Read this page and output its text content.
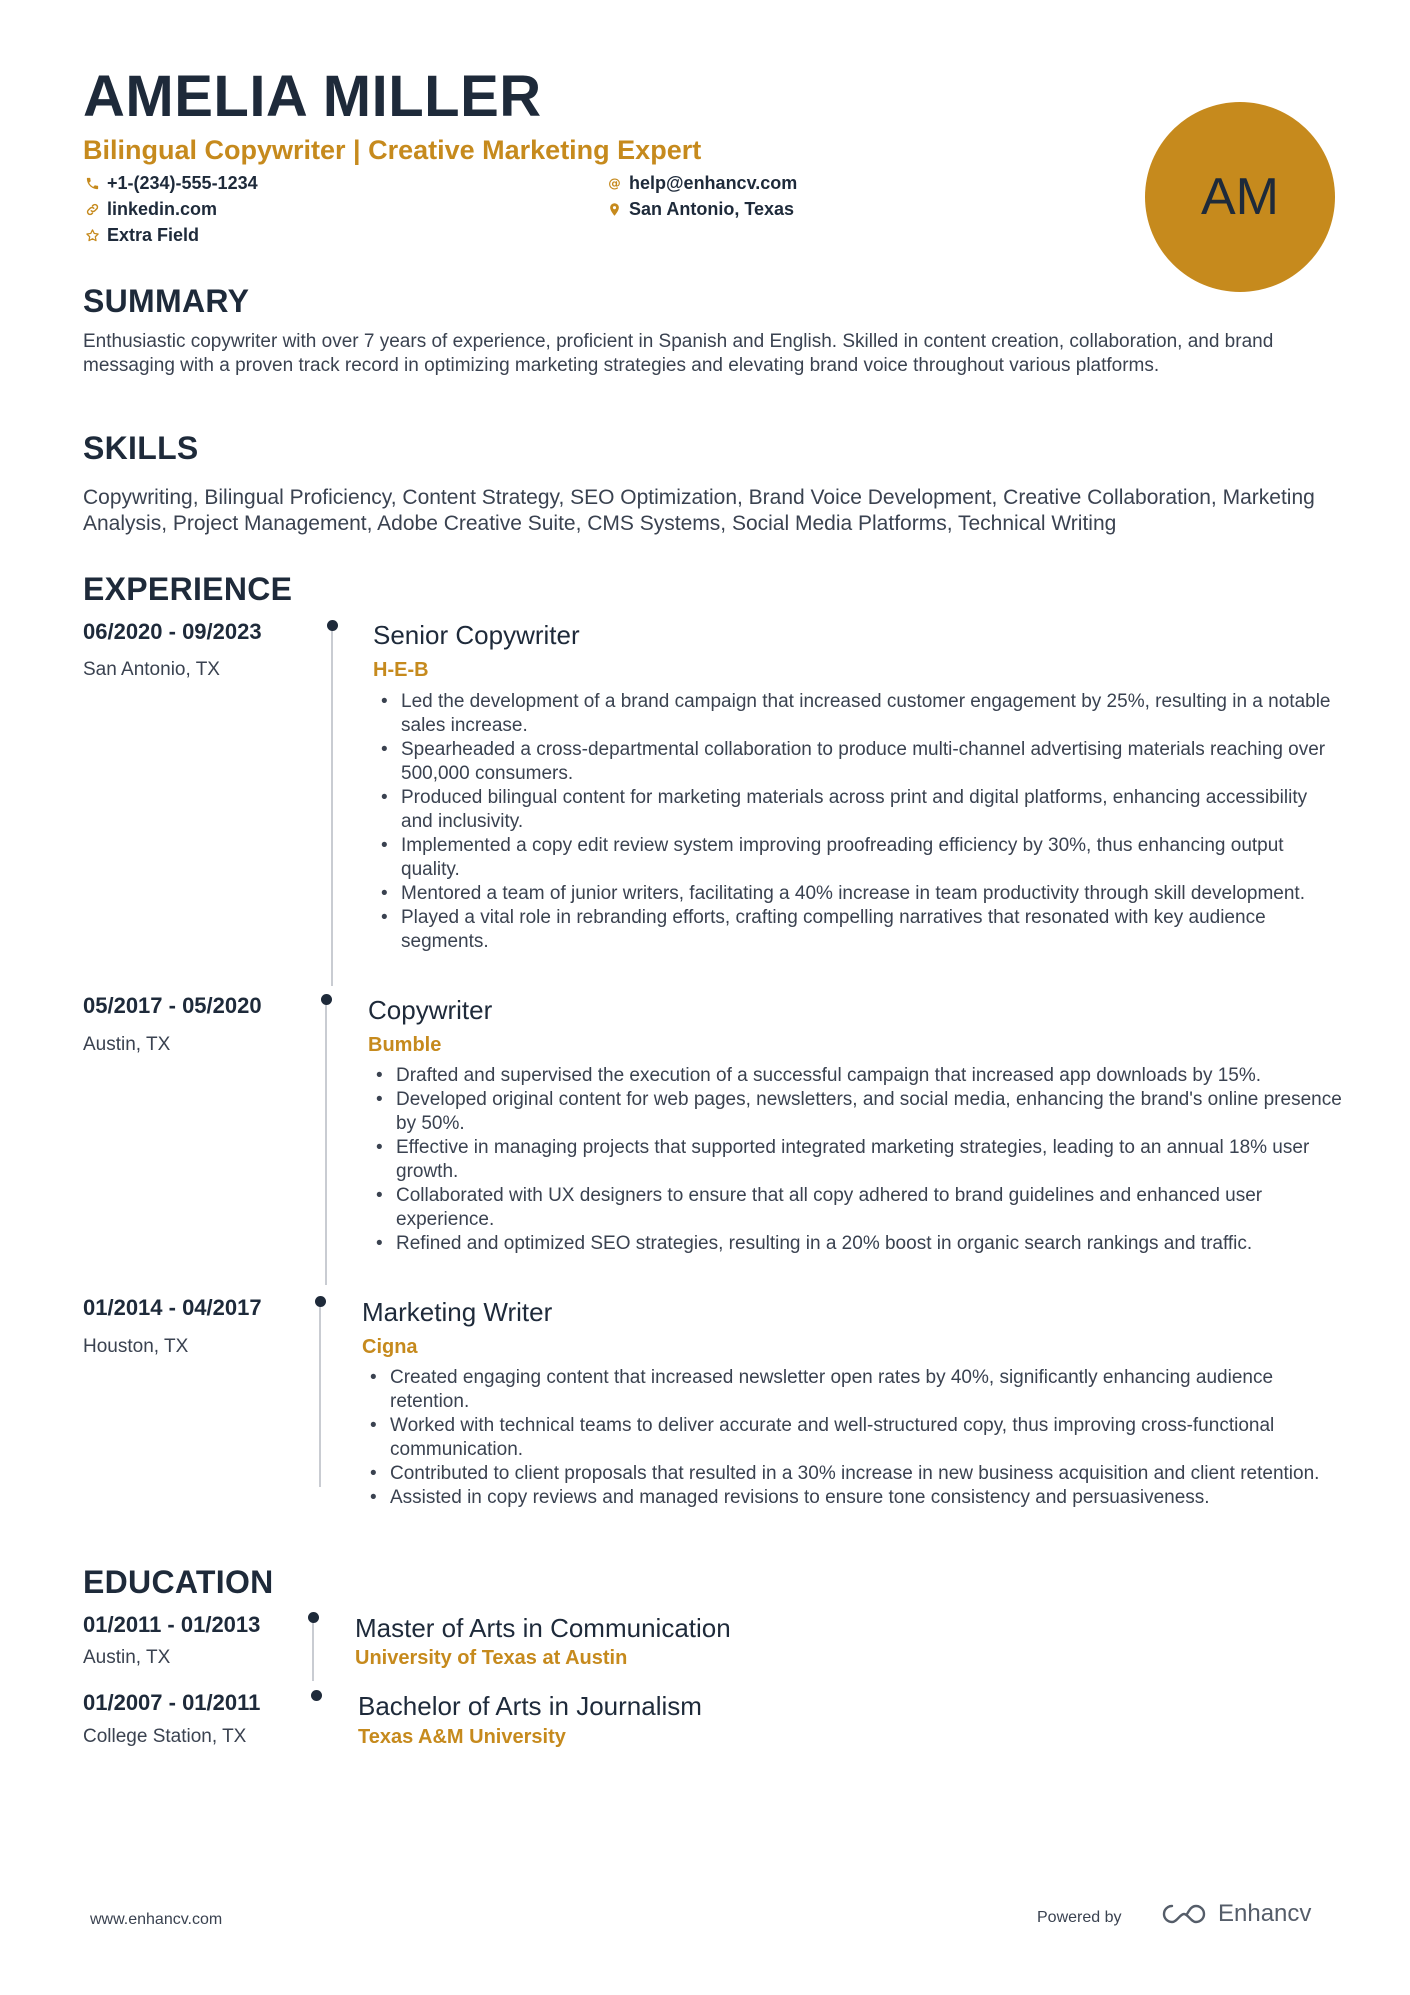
AMELIA MILLER
Bilingual Copywriter | Creative Marketing Expert
+1-(234)-555-1234	@ help@enhancv.com
linkedin.com	San Antonio, Texas
Extra Field
AM
SUMMARY
Enthusiastic copywriter with over 7 years of experience, proficient in Spanish and English. Skilled in content creation, collaboration, and brand messaging with a proven track record in optimizing marketing strategies and elevating brand voice throughout various platforms.
SKILLS
Copywriting, Bilingual Proficiency, Content Strategy, SEO Optimization, Brand Voice Development, Creative Collaboration, Marketing Analysis, Project Management, Adobe Creative Suite, CMS Systems, Social Media Platforms, Technical Writing
EXPERIENCE
06/2020 - 09/2023
San Antonio, TX
Senior Copywriter
H-E-B
• Led the development of a brand campaign that increased customer engagement by 25%, resulting in a notable sales increase.
• Spearheaded a cross-departmental collaboration to produce multi-channel advertising materials reaching over 500,000 consumers.
• Produced bilingual content for marketing materials across print and digital platforms, enhancing accessibility and inclusivity.
• Implemented a copy edit review system improving proofreading efficiency by 30%, thus enhancing output quality.
• Mentored a team of junior writers, facilitating a 40% increase in team productivity through skill development.
• Played a vital role in rebranding efforts, crafting compelling narratives that resonated with key audience segments.
05/2017 - 05/2020
Austin, TX
Copywriter
Bumble
• Drafted and supervised the execution of a successful campaign that increased app downloads by 15%.
• Developed original content for web pages, newsletters, and social media, enhancing the brand's online presence by 50%.
• Effective in managing projects that supported integrated marketing strategies, leading to an annual 18% user growth.
• Collaborated with UX designers to ensure that all copy adhered to brand guidelines and enhanced user experience.
• Refined and optimized SEO strategies, resulting in a 20% boost in organic search rankings and traffic.
01/2014 - 04/2017
Houston, TX
Marketing Writer
Cigna
• Created engaging content that increased newsletter open rates by 40%, significantly enhancing audience retention.
• Worked with technical teams to deliver accurate and well-structured copy, thus improving cross-functional communication.
• Contributed to client proposals that resulted in a 30% increase in new business acquisition and client retention.
• Assisted in copy reviews and managed revisions to ensure tone consistency and persuasiveness.
EDUCATION
01/2011 - 01/2013
Austin, TX
Master of Arts in Communication
University of Texas at Austin
01/2007 - 01/2011
College Station, TX
Bachelor of Arts in Journalism
Texas A&M University
www.enhancv.com	Powered by	Enhancv
